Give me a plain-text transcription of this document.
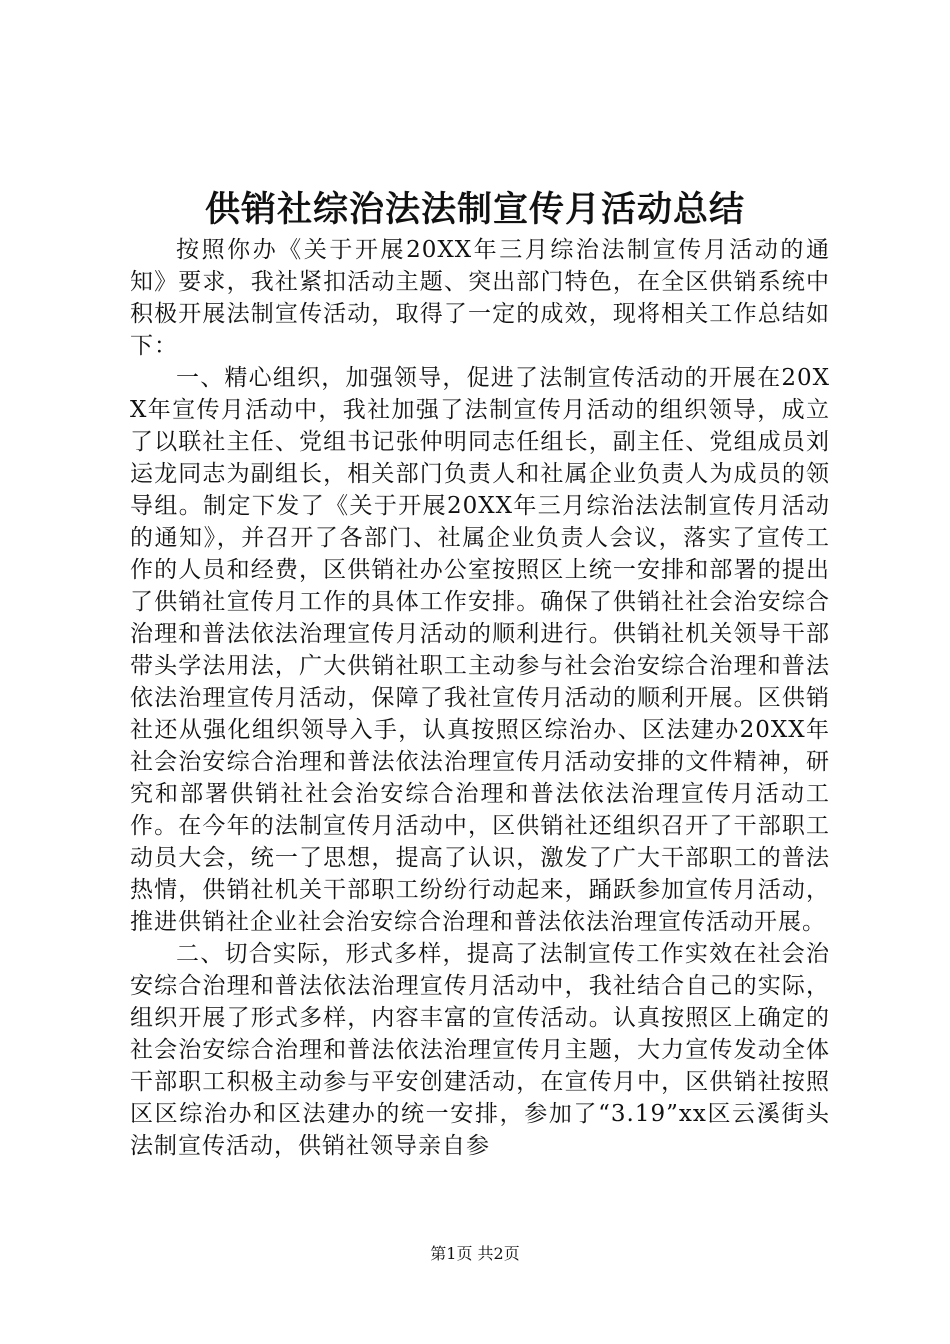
供销社综治法法制宣传月活动总结

按照你办《关于开展20XX年三月综治法制宣传月活动的通知》要求，我社紧扣活动主题、突出部门特色，在全区供销系统中积极开展法制宣传活动，取得了一定的成效，现将相关工作总结如下：

一、精心组织，加强领导，促进了法制宣传活动的开展在20XX年宣传月活动中，我社加强了法制宣传月活动的组织领导，成立了以联社主任、党组书记张仲明同志任组长，副主任、党组成员刘运龙同志为副组长，相关部门负责人和社属企业负责人为成员的领导组。制定下发了《关于开展20XX年三月综治法法制宣传月活动的通知》，并召开了各部门、社属企业负责人会议，落实了宣传工作的人员和经费，区供销社办公室按照区上统一安排和部署的提出了供销社宣传月工作的具体工作安排。确保了供销社社会治安综合治理和普法依法治理宣传月活动的顺利进行。供销社机关领导干部带头学法用法，广大供销社职工主动参与社会治安综合治理和普法依法治理宣传月活动，保障了我社宣传月活动的顺利开展。区供销社还从强化组织领导入手，认真按照区综治办、区法建办20XX年社会治安综合治理和普法依法治理宣传月活动安排的文件精神，研究和部署供销社社会治安综合治理和普法依法治理宣传月活动工作。在今年的法制宣传月活动中，区供销社还组织召开了干部职工动员大会，统一了思想，提高了认识，激发了广大干部职工的普法热情，供销社机关干部职工纷纷行动起来，踊跃参加宣传月活动，推进供销社企业社会治安综合治理和普法依法治理宣传活动开展。

二、切合实际，形式多样，提高了法制宣传工作实效在社会治安综合治理和普法依法治理宣传月活动中，我社结合自己的实际，组织开展了形式多样，内容丰富的宣传活动。认真按照区上确定的社会治安综合治理和普法依法治理宣传月主题，大力宣传发动全体干部职工积极主动参与平安创建活动，在宣传月中，区供销社按照区区综治办和区法建办的统一安排，参加了“3.19”xx区云溪街头法制宣传活动，供销社领导亲自参

第1页 共2页
